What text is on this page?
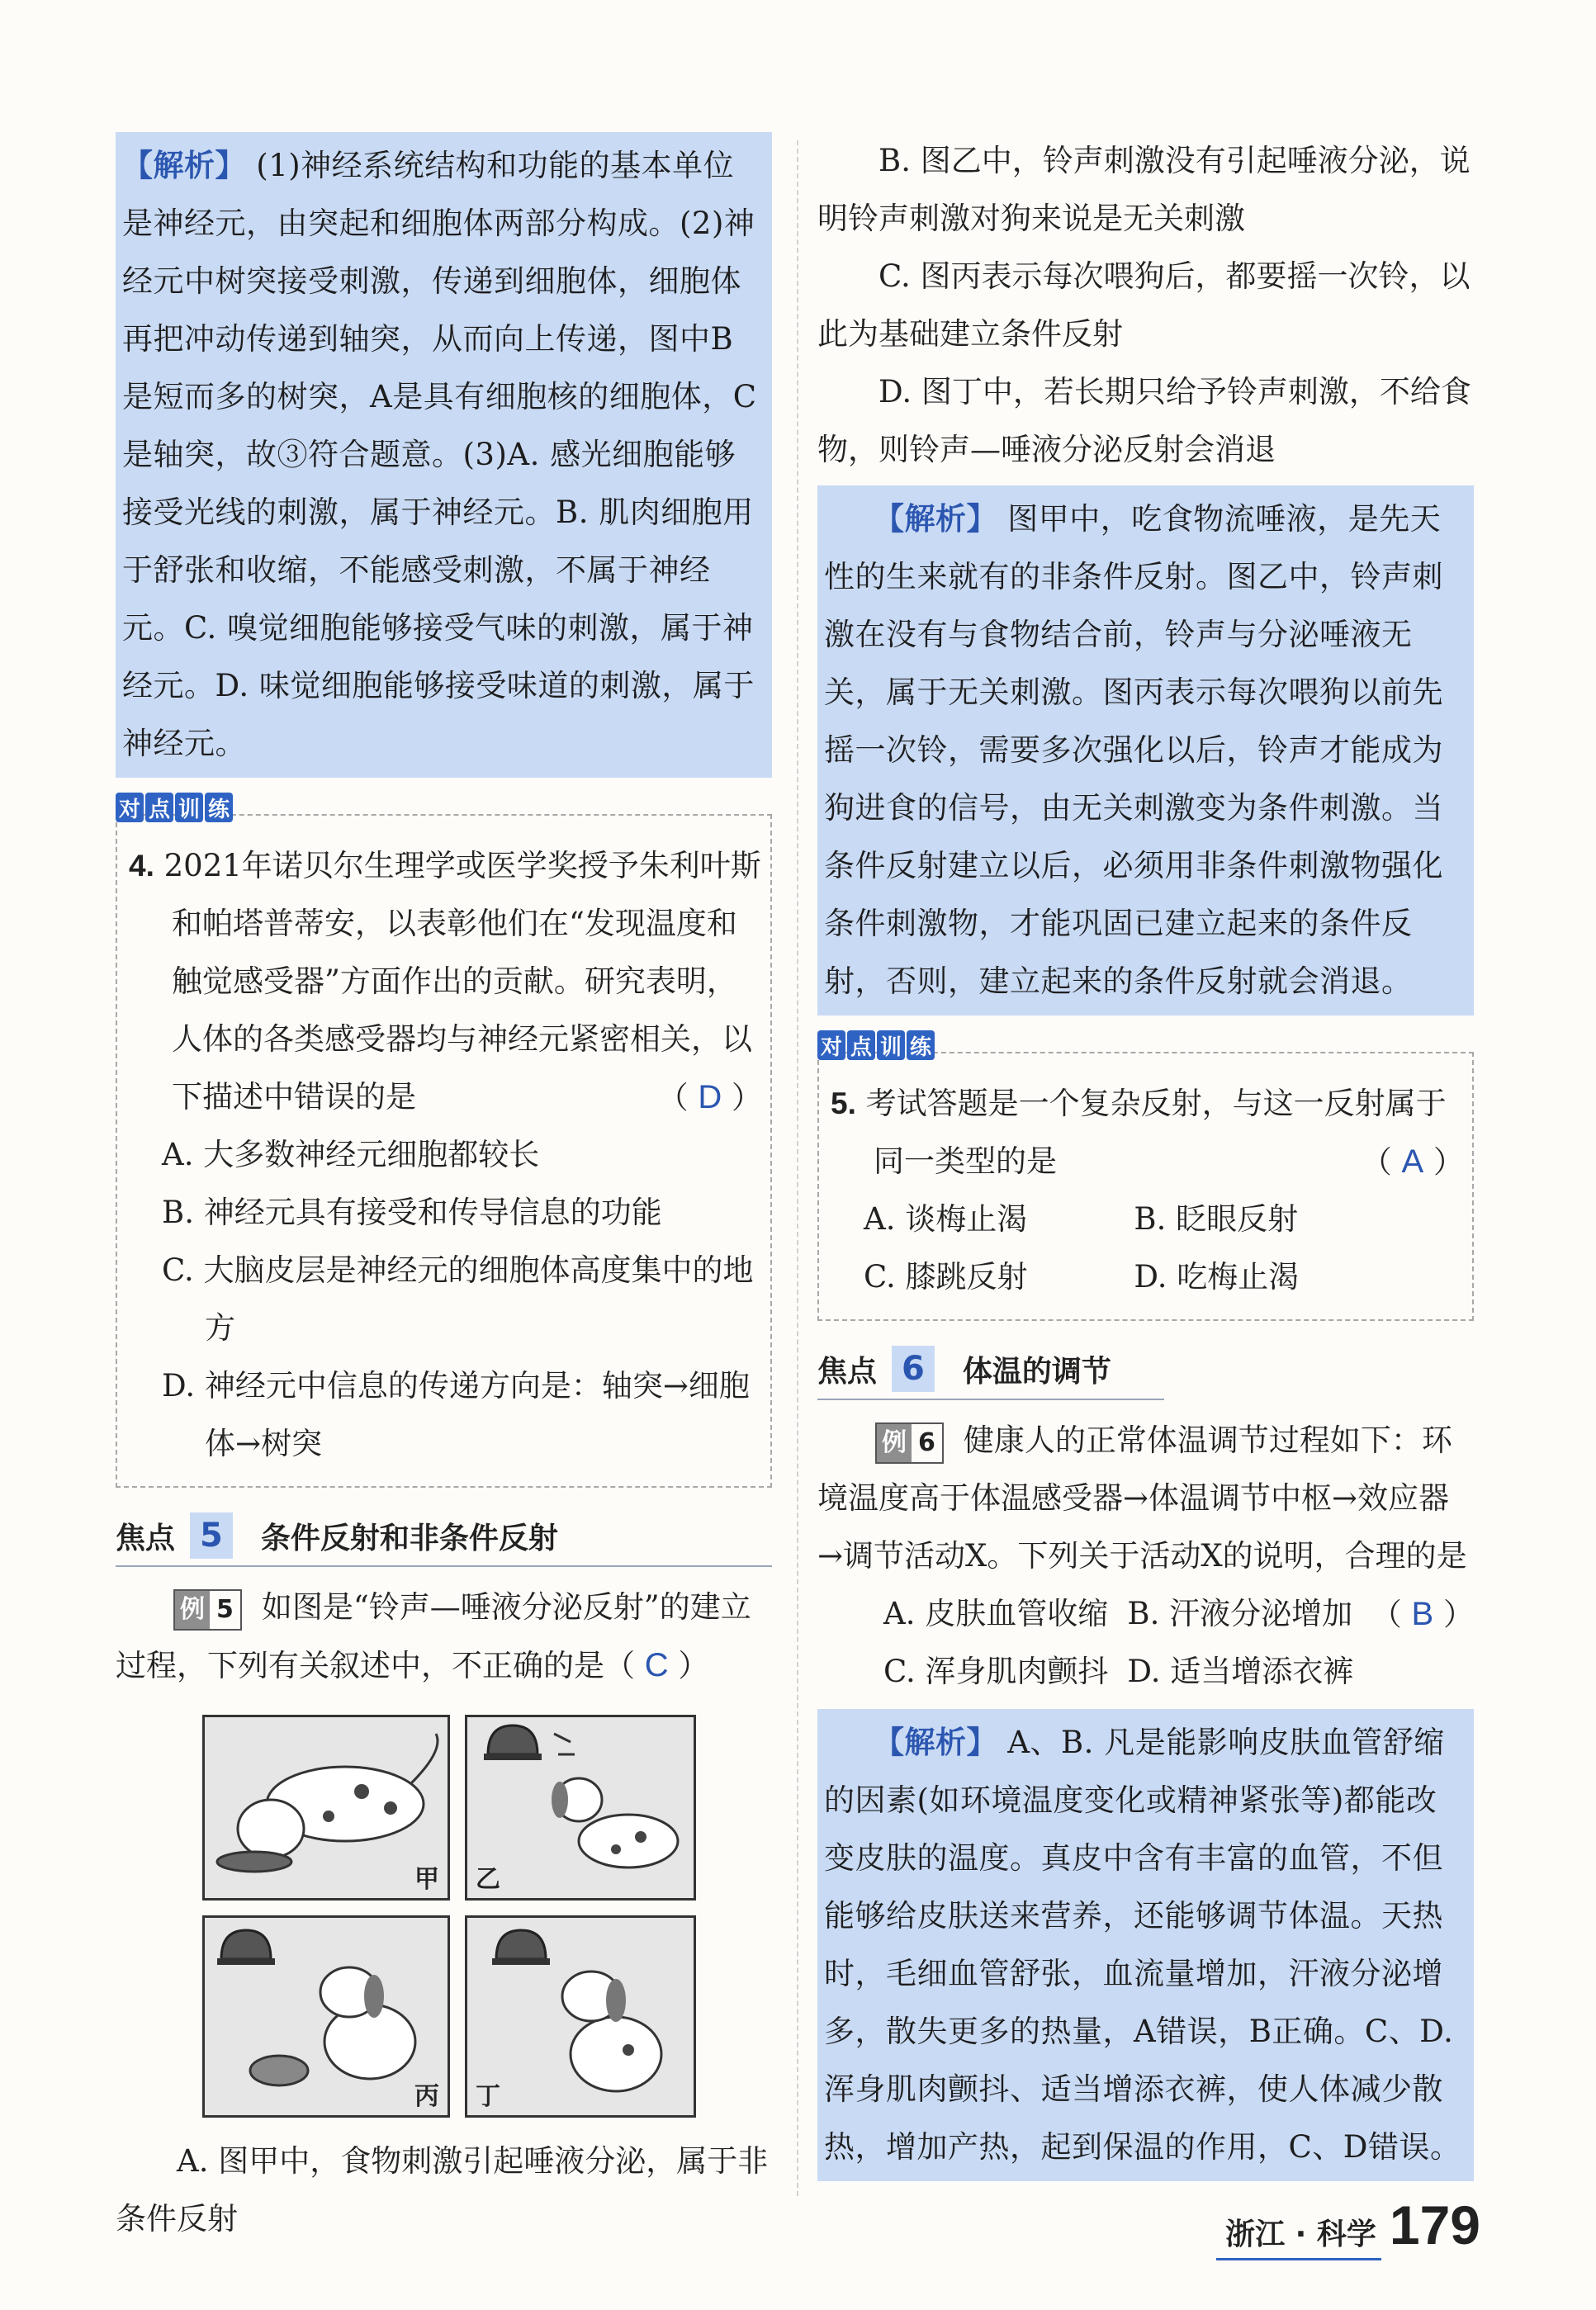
【解析】 (1)神经系统结构和功能的基本单位是神经元，由突起和细胞体两部分构成。(2)神经元中树突接受刺激，传递到细胞体，细胞体再把冲动传递到轴突，从而向上传递，图中B是短而多的树突，A是具有细胞核的细胞体，C是轴突，故③符合题意。(3)A. 感光细胞能够接受光线的刺激，属于神经元。B. 肌肉细胞用于舒张和收缩，不能感受刺激，不属于神经元。C. 嗅觉细胞能够接受气味的刺激，属于神经元。D. 味觉细胞能够接受味道的刺激，属于神经元。
对 点 训 练
4. 2021年诺贝尔生理学或医学奖授予朱利叶斯和帕塔普蒂安，以表彰他们在“发现温度和触觉感受器”方面作出的贡献。研究表明，人体的各类感受器均与神经元紧密相关，以下描述中错误的是	（ D ）
A. 大多数神经元细胞都较长
B. 神经元具有接受和传导信息的功能
C. 大脑皮层是神经元的细胞体高度集中的地方
D. 神经元中信息的传递方向是：轴突→细胞体→树突
焦点 5	条件反射和非条件反射
例 5 如图是“铃声—唾液分泌反射”的建立过程，下列有关叙述中，不正确的是（ C ）
甲 乙
丙 丁
A. 图甲中，食物刺激引起唾液分泌，属于非条件反射
B. 图乙中，铃声刺激没有引起唾液分泌，说明铃声刺激对狗来说是无关刺激
C. 图丙表示每次喂狗后，都要摇一次铃，以此为基础建立条件反射
D. 图丁中，若长期只给予铃声刺激，不给食物，则铃声—唾液分泌反射会消退
【解析】 图甲中，吃食物流唾液，是先天性的生来就有的非条件反射。图乙中，铃声刺激在没有与食物结合前，铃声与分泌唾液无关，属于无关刺激。图丙表示每次喂狗以前先摇一次铃，需要多次强化以后，铃声才能成为狗进食的信号，由无关刺激变为条件刺激。当条件反射建立以后，必须用非条件刺激物强化条件刺激物，才能巩固已建立起来的条件反射，否则，建立起来的条件反射就会消退。
对 点 训 练
5. 考试答题是一个复杂反射，与这一反射属于同一类型的是	（ A ）
A. 谈梅止渴	B. 眨眼反射
C. 膝跳反射	D. 吃梅止渴
焦点 6	体温的调节
例 6 健康人的正常体温调节过程如下：环境温度高于体温感受器→体温调节中枢→效应器→调节活动X。下列关于活动X的说明，合理的是
（ B ）
A. 皮肤血管收缩 B. 汗液分泌增加
C. 浑身肌肉颤抖 D. 适当增添衣裤
【解析】 A、B. 凡是能影响皮肤血管舒缩的因素(如环境温度变化或精神紧张等)都能改变皮肤的温度。真皮中含有丰富的血管，不但能够给皮肤送来营养，还能够调节体温。天热时，毛细血管舒张，血流量增加，汗液分泌增多，散失更多的热量，A错误，B正确。C、D. 浑身肌肉颤抖、适当增添衣裤，使人体减少散热，增加产热，起到保温的作用，C、D错误。
浙江 · 科学 179
